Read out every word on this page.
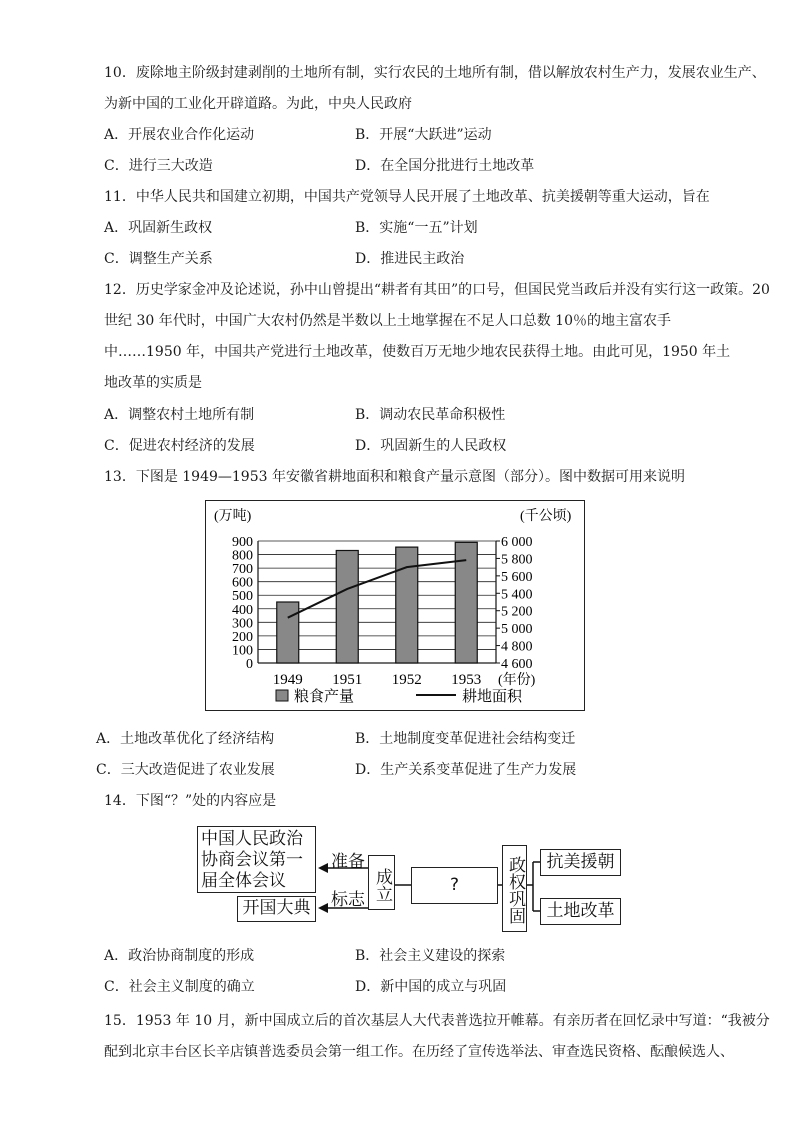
10．废除地主阶级封建剥削的土地所有制，实行农民的土地所有制，借以解放农村生产力，发展农业生产、
为新中国的工业化开辟道路。为此，中央人民政府
A．开展农业合作化运动	B．开展“大跃进”运动
C．进行三大改造	D．在全国分批进行土地改革
11．中华人民共和国建立初期，中国共产党领导人民开展了土地改革、抗美援朝等重大运动，旨在
A．巩固新生政权	B．实施“一五”计划
C．调整生产关系	D．推进民主政治
12．历史学家金冲及论述说，孙中山曾提出“耕者有其田”的口号，但国民党当政后并没有实行这一政策。20
世纪 30 年代时，中国广大农村仍然是半数以上土地掌握在不足人口总数 10％的地主富农手
中……1950 年，中国共产党进行土地改革，使数百万无地少地农民获得土地。由此可见，1950 年土
地改革的实质是
A．调整农村土地所有制	B．调动农民革命积极性
C．促进农村经济的发展	D．巩固新生的人民政权
13．下图是 1949—1953 年安徽省耕地面积和粮食产量示意图（部分）。图中数据可用来说明
(万吨)	(千公顷)
0
100
200
300
400
500
600
700
800
900
4 600
4 800
5 000
5 200
5 400
5 600
5 800
6 000
1949 1951 1952 1953 (年份)
粮食产量	耕地面积
A．土地改革优化了经济结构	B．土地制度变革促进社会结构变迁
C．三大改造促进了农业发展	D．生产关系变革促进了生产力发展
14．下图“？”处的内容应是
中国人民政治
协商会议第一
届全体会议
开国大典
准备
标志 成立	?	政权巩固	抗美援朝
土地改革
A．政治协商制度的形成	B．社会主义建设的探索
C．社会主义制度的确立	D．新中国的成立与巩固
15．1953 年 10 月，新中国成立后的首次基层人大代表普选拉开帷幕。有亲历者在回忆录中写道：“我被分
配到北京丰台区长辛店镇普选委员会第一组工作。在历经了宣传选举法、审查选民资格、酝酿候选人、
